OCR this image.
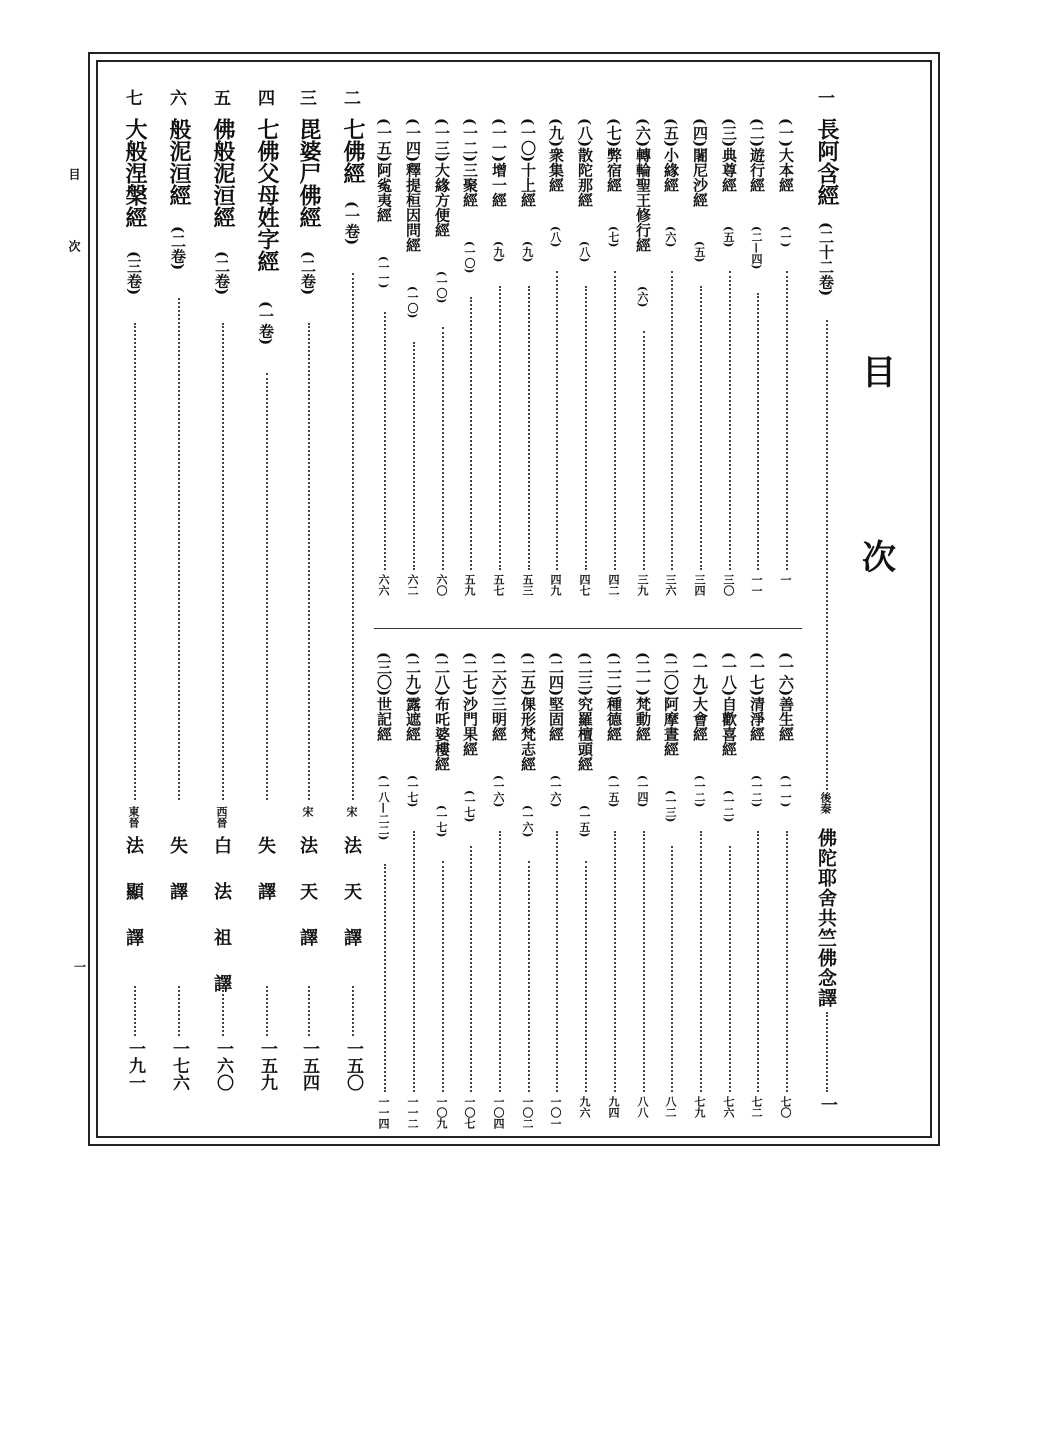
目次
一
目
次
一
長阿含經
(二十二卷)
後秦
佛陀耶舍共竺佛念譯
一
(一)大本經
(一)
一
(二)遊行經
(二—四)
一一
(三)典尊經
(五)
三〇
(四)闍尼沙經
(五)
三四
(五)小緣經
(六)
三六
(六)轉輪聖王修行經
(六)
三九
(七)弊宿經
(七)
四二
(八)散陀那經
(八)
四七
(九)衆集經
(八)
四九
(一〇)十上經
(九)
五三
(一一)增一經
(九)
五七
(一二)三聚經
(一〇)
五九
(一三)大緣方便經
(一〇)
六〇
(一四)釋提桓因問經
(一〇)
六二
(一五)阿㝹夷經
(一一)
六六
(一六)善生經
(一一)
七〇
(一七)清淨經
(一二)
七二
(一八)自歡喜經
(一二)
七六
(一九)大會經
(一二)
七九
(二〇)阿摩晝經
(一三)
八二
(二一)梵動經
(一四)
八八
(二二)種德經
(一五)
九四
(二三)究羅檀頭經
(一五)
九六
(二四)堅固經
(一六)
一〇一
(二五)倮形梵志經
(一六)
一〇二
(二六)三明經
(一六)
一〇四
(二七)沙門果經
(一七)
一〇七
(二八)布吒婆樓經
(一七)
一〇九
(二九)露遮經
(一七)
一一二
(三〇)世記經
(一八—二二)
一一四
二
七佛經
(一卷)
宋
法天譯
一五〇
三
毘婆尸佛經
(二卷)
宋
法天譯
一五四
四
七佛父母姓字經
(一卷)
失譯
一五九
五
佛般泥洹經
(二卷)
西晉
白法祖譯
一六〇
六
般泥洹經
(二卷)
失譯
一七六
七
大般涅槃經
(三卷)
東晉
法顯譯
一九一
